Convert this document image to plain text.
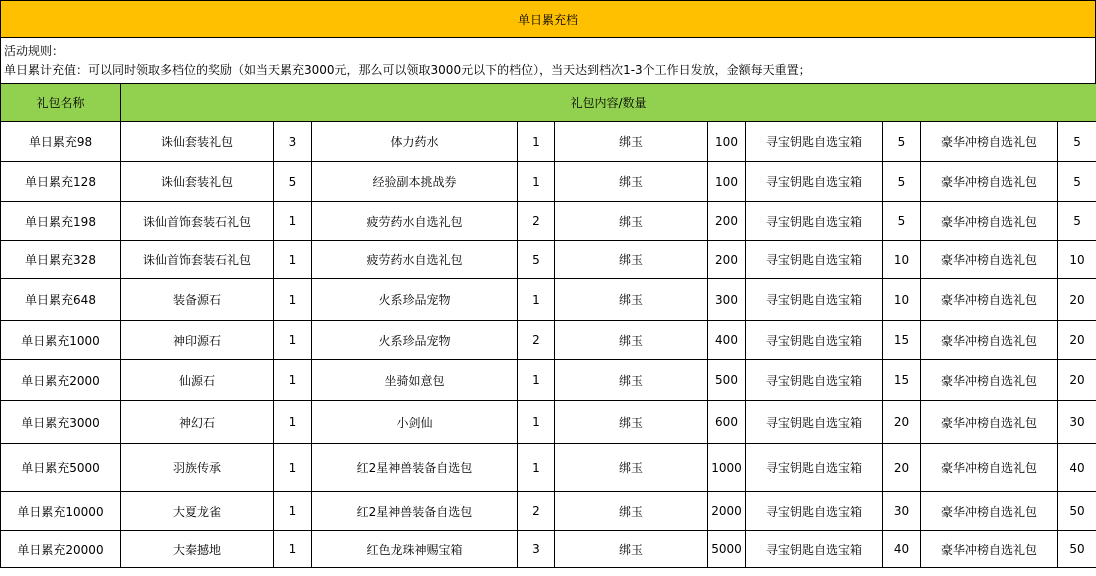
单日累充档
活动规则：
单日累计充值：可以同时领取多档位的奖励（如当天累充3000元，那么可以领取3000元以下的档位），当天达到档次1-3个工作日发放，金额每天重置；
礼包名称	礼包内容/数量									
单日累充98	诛仙套装礼包	3	体力药水	1	绑玉	100	寻宝钥匙自选宝箱	5	豪华冲榜自选礼包	5
单日累充128	诛仙套装礼包	5	经验副本挑战券	1	绑玉	100	寻宝钥匙自选宝箱	5	豪华冲榜自选礼包	5
单日累充198	诛仙首饰套装石礼包	1	疲劳药水自选礼包	2	绑玉	200	寻宝钥匙自选宝箱	5	豪华冲榜自选礼包	5
单日累充328	诛仙首饰套装石礼包	1	疲劳药水自选礼包	5	绑玉	200	寻宝钥匙自选宝箱	10	豪华冲榜自选礼包	10
单日累充648	装备源石	1	火系珍品宠物	1	绑玉	300	寻宝钥匙自选宝箱	10	豪华冲榜自选礼包	20
单日累充1000	神印源石	1	火系珍品宠物	2	绑玉	400	寻宝钥匙自选宝箱	15	豪华冲榜自选礼包	20
单日累充2000	仙源石	1	坐骑如意包	1	绑玉	500	寻宝钥匙自选宝箱	15	豪华冲榜自选礼包	20
单日累充3000	神幻石	1	小剑仙	1	绑玉	600	寻宝钥匙自选宝箱	20	豪华冲榜自选礼包	30
单日累充5000	羽族传承	1	红2星神兽装备自选包	1	绑玉	1000	寻宝钥匙自选宝箱	20	豪华冲榜自选礼包	40
单日累充10000	大夏龙雀	1	红2星神兽装备自选包	2	绑玉	2000	寻宝钥匙自选宝箱	30	豪华冲榜自选礼包	50
单日累充20000	大秦撼地	1	红色龙珠神赐宝箱	3	绑玉	5000	寻宝钥匙自选宝箱	40	豪华冲榜自选礼包	50
